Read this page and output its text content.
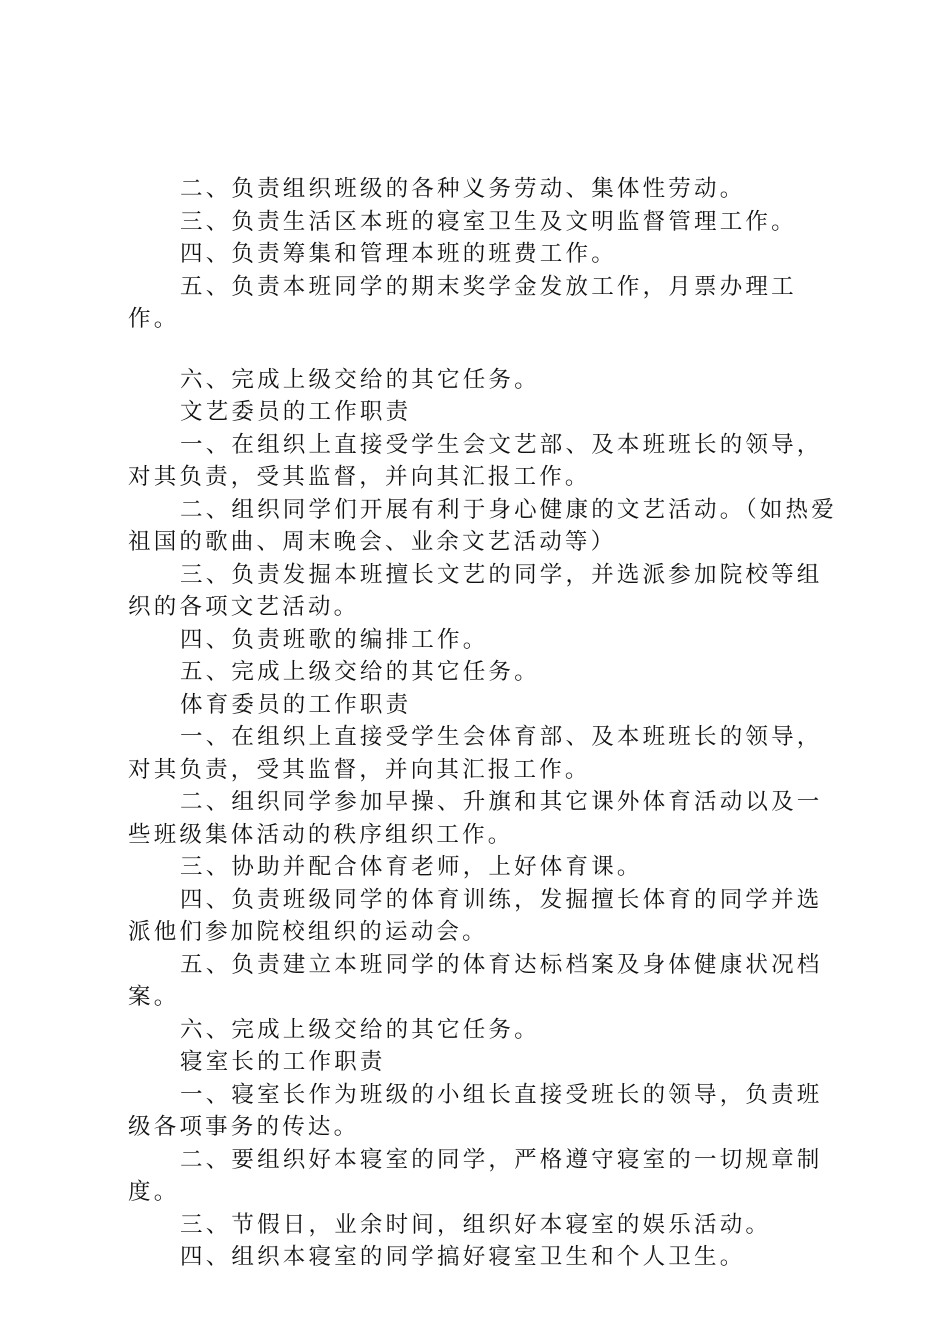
二、负责组织班级的各种义务劳动、集体性劳动。

三、负责生活区本班的寝室卫生及文明监督管理工作。

四、负责筹集和管理本班的班费工作。

五、负责本班同学的期末奖学金发放工作，月票办理工作。

六、完成上级交给的其它任务。

文艺委员的工作职责

一、在组织上直接受学生会文艺部、及本班班长的领导，对其负责，受其监督，并向其汇报工作。

二、组织同学们开展有利于身心健康的文艺活动。（如热爱祖国的歌曲、周末晚会、业余文艺活动等）

三、负责发掘本班擅长文艺的同学，并选派参加院校等组织的各项文艺活动。

四、负责班歌的编排工作。

五、完成上级交给的其它任务。

体育委员的工作职责

一、在组织上直接受学生会体育部、及本班班长的领导，对其负责，受其监督，并向其汇报工作。

二、组织同学参加早操、升旗和其它课外体育活动以及一些班级集体活动的秩序组织工作。

三、协助并配合体育老师，上好体育课。

四、负责班级同学的体育训练，发掘擅长体育的同学并选派他们参加院校组织的运动会。

五、负责建立本班同学的体育达标档案及身体健康状况档案。

六、完成上级交给的其它任务。

寝室长的工作职责

一、寝室长作为班级的小组长直接受班长的领导，负责班级各项事务的传达。

二、要组织好本寝室的同学，严格遵守寝室的一切规章制度。

三、节假日，业余时间，组织好本寝室的娱乐活动。

四、组织本寝室的同学搞好寝室卫生和个人卫生。
